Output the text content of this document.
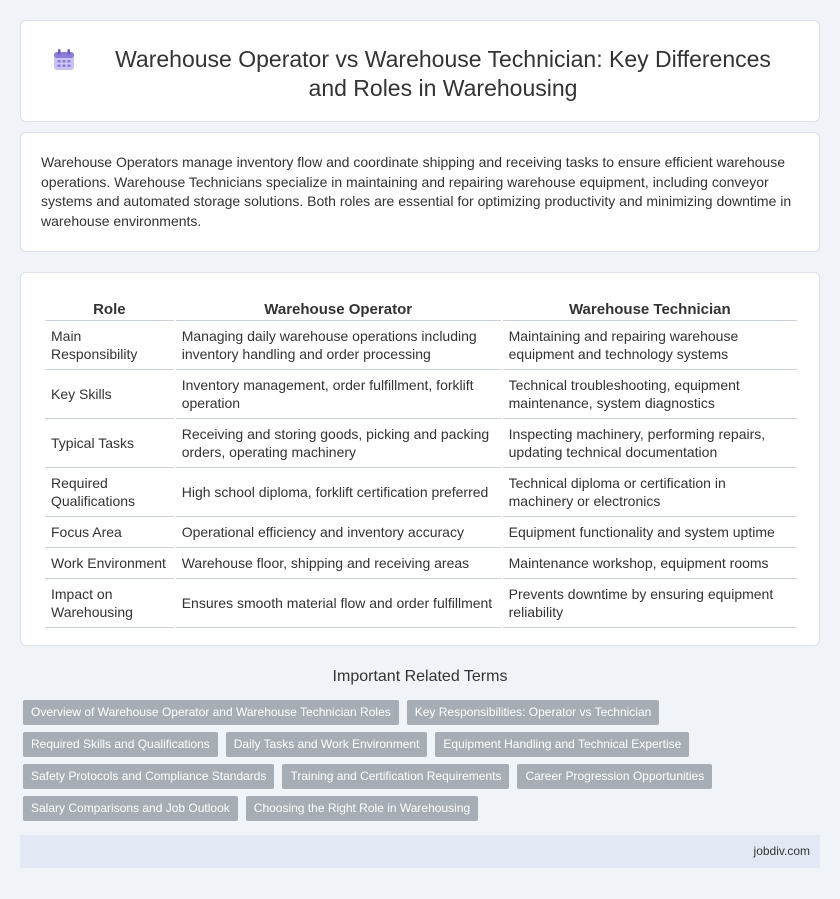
Warehouse Operator vs Warehouse Technician: Key Differences and Roles in Warehousing

Warehouse Operators manage inventory flow and coordinate shipping and receiving tasks to ensure efficient warehouse operations. Warehouse Technicians specialize in maintaining and repairing warehouse equipment, including conveyor systems and automated storage solutions. Both roles are essential for optimizing productivity and minimizing downtime in warehouse environments.

Role	Warehouse Operator	Warehouse Technician
Main Responsibility	Managing daily warehouse operations including inventory handling and order processing	Maintaining and repairing warehouse equipment and technology systems
Key Skills	Inventory management, order fulfillment, forklift operation	Technical troubleshooting, equipment maintenance, system diagnostics
Typical Tasks	Receiving and storing goods, picking and packing orders, operating machinery	Inspecting machinery, performing repairs, updating technical documentation
Required Qualifications	High school diploma, forklift certification preferred	Technical diploma or certification in machinery or electronics
Focus Area	Operational efficiency and inventory accuracy	Equipment functionality and system uptime
Work Environment	Warehouse floor, shipping and receiving areas	Maintenance workshop, equipment rooms
Impact on Warehousing	Ensures smooth material flow and order fulfillment	Prevents downtime by ensuring equipment reliability
Important Related Terms
Overview of Warehouse Operator and Warehouse Technician Roles	Key Responsibilities: Operator vs Technician
Required Skills and Qualifications	Daily Tasks and Work Environment	Equipment Handling and Technical Expertise
Safety Protocols and Compliance Standards	Training and Certification Requirements	Career Progression Opportunities
Salary Comparisons and Job Outlook	Choosing the Right Role in Warehousing
jobdiv.com
